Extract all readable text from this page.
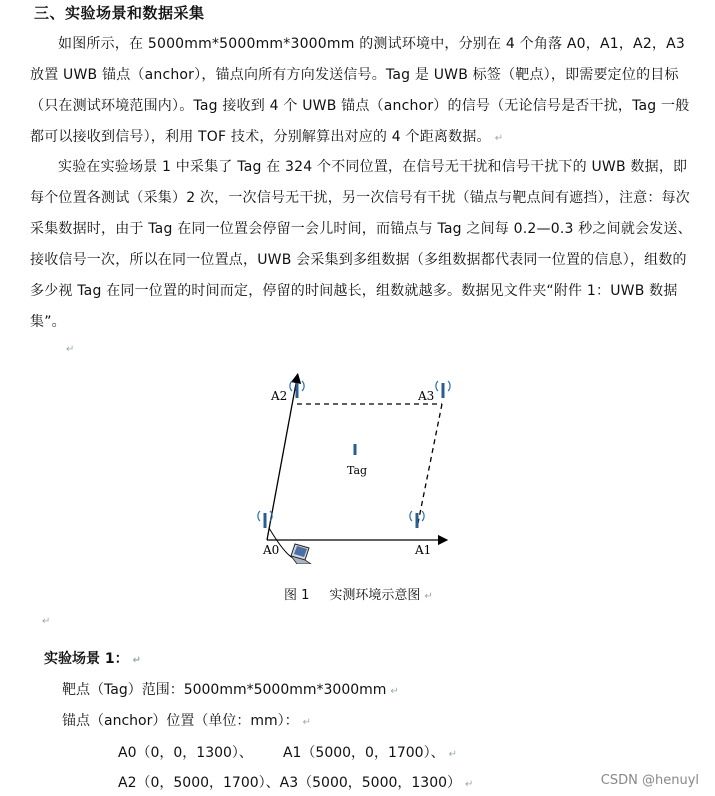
三、实验场景和数据采集

如图所示，在 5000mm*5000mm*3000mm 的测试环境中，分别在 4 个角落 A0，A1，A2，A3 放置 UWB 锚点（anchor），锚点向所有方向发送信号。Tag 是 UWB 标签（靶点），即需要定位的目标（只在测试环境范围内）。Tag 接收到 4 个 UWB 锚点（anchor）的信号（无论信号是否干扰，Tag 一般都可以接收到信号），利用 TOF 技术，分别解算出对应的 4 个距离数据。 ↵

实验在实验场景 1 中采集了 Tag 在 324 个不同位置，在信号无干扰和信号干扰下的 UWB 数据，即每个位置各测试（采集）2 次，一次信号无干扰，另一次信号有干扰（锚点与靶点间有遮挡），注意：每次采集数据时，由于 Tag 在同一位置会停留一会儿时间，而锚点与 Tag 之间每 0.2—0.3 秒之间就会发送、接收信号一次，所以在同一位置点，UWB 会采集到多组数据（多组数据都代表同一位置的信息），组数的多少视 Tag 在同一位置的时间而定，停留的时间越长，组数就越多。数据见文件夹“附件 1：UWB 数据集”。

↵
A2	A3
Tag
A0	A1
图 1 实测环境示意图 ↵
↵
实验场景 1： ↵
靶点（Tag）范围：5000mm*5000mm*3000mm ↵
锚点（anchor）位置（单位：mm）： ↵
A0（0，0，1300）、 A1（5000，0，1700）、 ↵
A2（0，5000，1700）、A3（5000，5000，1300） ↵	CSDN @henuyl
